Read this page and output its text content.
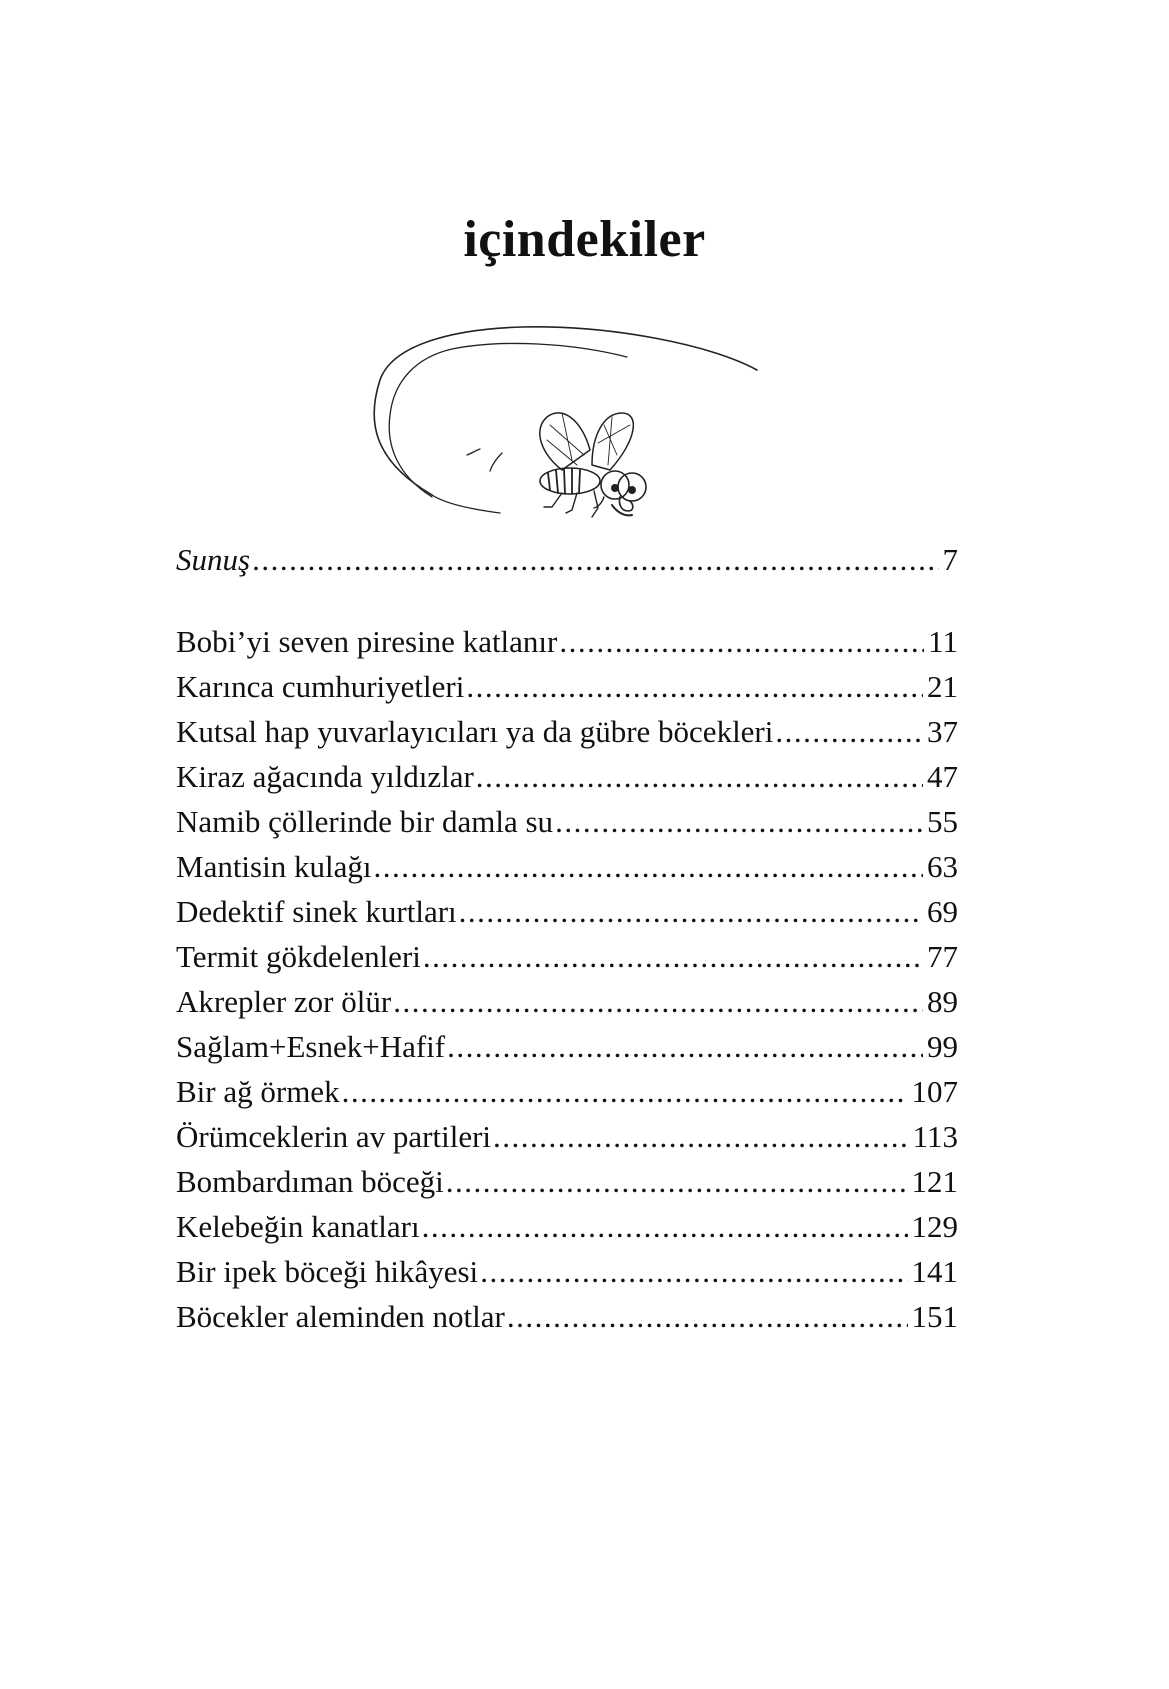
içindekiler
Sunuş .....	7
Bobi’yi seven piresine katlanır .....	11
Karınca cumhuriyetleri .....	21
Kutsal hap yuvarlayıcıları ya da gübre böcekleri .....	37
Kiraz ağacında yıldızlar .....	47
Namib çöllerinde bir damla su .....	55
Mantisin kulağı .....	63
Dedektif sinek kurtları .....	69
Termit gökdelenleri .....	77
Akrepler zor ölür .....	89
Sağlam+Esnek+Hafif .....	99
Bir ağ örmek .....	107
Örümceklerin av partileri .....	113
Bombardıman böceği .....	121
Kelebeğin kanatları .....	129
Bir ipek böceği hikâyesi .....	141
Böcekler aleminden notlar .....	151
